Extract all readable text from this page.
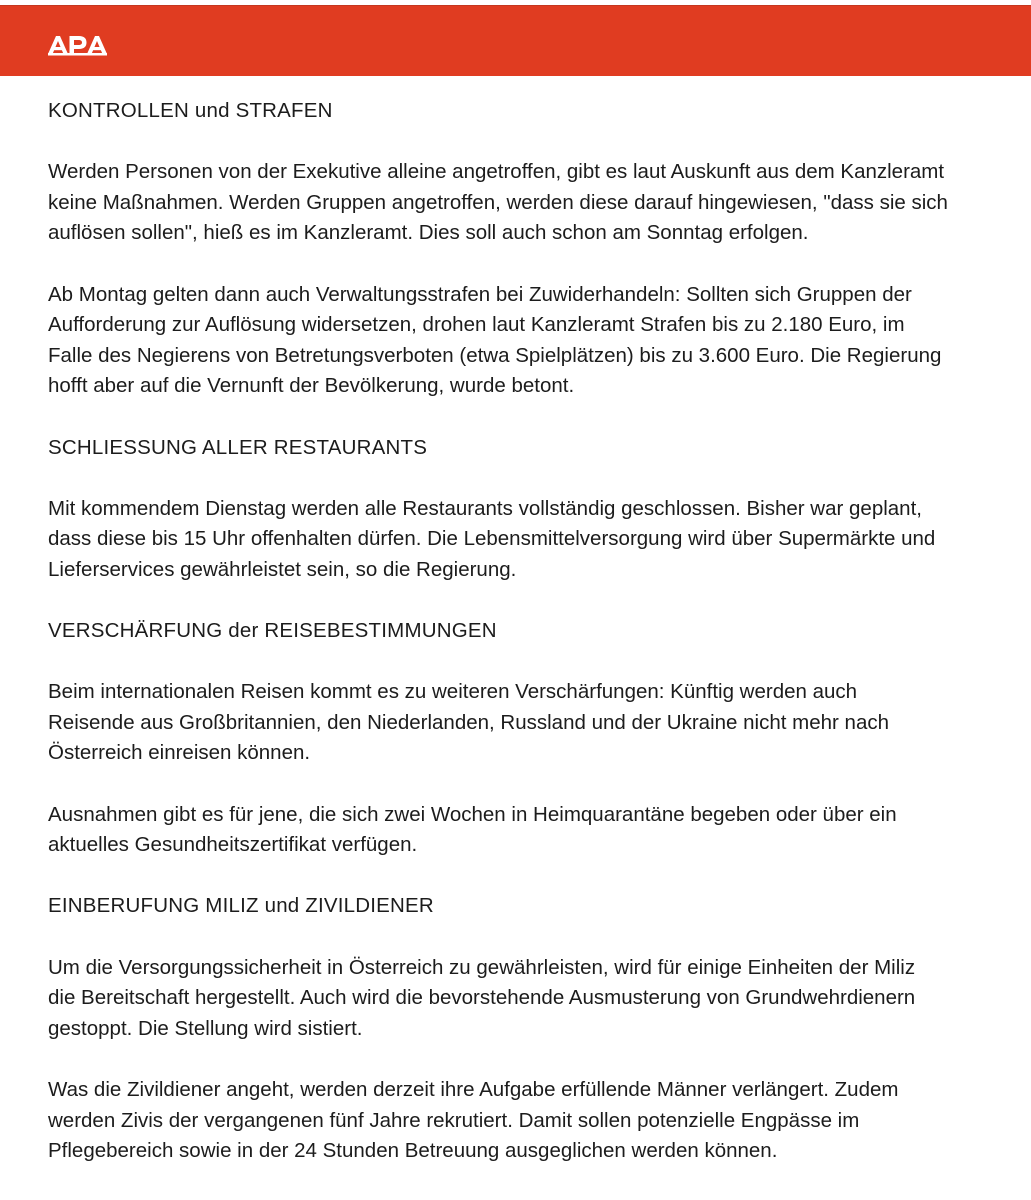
KONTROLLEN und STRAFEN

Werden Personen von der Exekutive alleine angetroffen, gibt es laut Auskunft aus dem Kanzleramt
keine Maßnahmen. Werden Gruppen angetroffen, werden diese darauf hingewiesen, "dass sie sich
auflösen sollen", hieß es im Kanzleramt. Dies soll auch schon am Sonntag erfolgen.

Ab Montag gelten dann auch Verwaltungsstrafen bei Zuwiderhandeln: Sollten sich Gruppen der
Aufforderung zur Auflösung widersetzen, drohen laut Kanzleramt Strafen bis zu 2.180 Euro, im
Falle des Negierens von Betretungsverboten (etwa Spielplätzen) bis zu 3.600 Euro. Die Regierung
hofft aber auf die Vernunft der Bevölkerung, wurde betont.

SCHLIESSUNG ALLER RESTAURANTS

Mit kommendem Dienstag werden alle Restaurants vollständig geschlossen. Bisher war geplant,
dass diese bis 15 Uhr offenhalten dürfen. Die Lebensmittelversorgung wird über Supermärkte und
Lieferservices gewährleistet sein, so die Regierung.

VERSCHÄRFUNG der REISEBESTIMMUNGEN

Beim internationalen Reisen kommt es zu weiteren Verschärfungen: Künftig werden auch
Reisende aus Großbritannien, den Niederlanden, Russland und der Ukraine nicht mehr nach
Österreich einreisen können.

Ausnahmen gibt es für jene, die sich zwei Wochen in Heimquarantäne begeben oder über ein
aktuelles Gesundheitszertifikat verfügen.

EINBERUFUNG MILIZ und ZIVILDIENER

Um die Versorgungssicherheit in Österreich zu gewährleisten, wird für einige Einheiten der Miliz
die Bereitschaft hergestellt. Auch wird die bevorstehende Ausmusterung von Grundwehrdienern
gestoppt. Die Stellung wird sistiert.

Was die Zivildiener angeht, werden derzeit ihre Aufgabe erfüllende Männer verlängert. Zudem
werden Zivis der vergangenen fünf Jahre rekrutiert. Damit sollen potenzielle Engpässe im
Pflegebereich sowie in der 24 Stunden Betreuung ausgeglichen werden können.
